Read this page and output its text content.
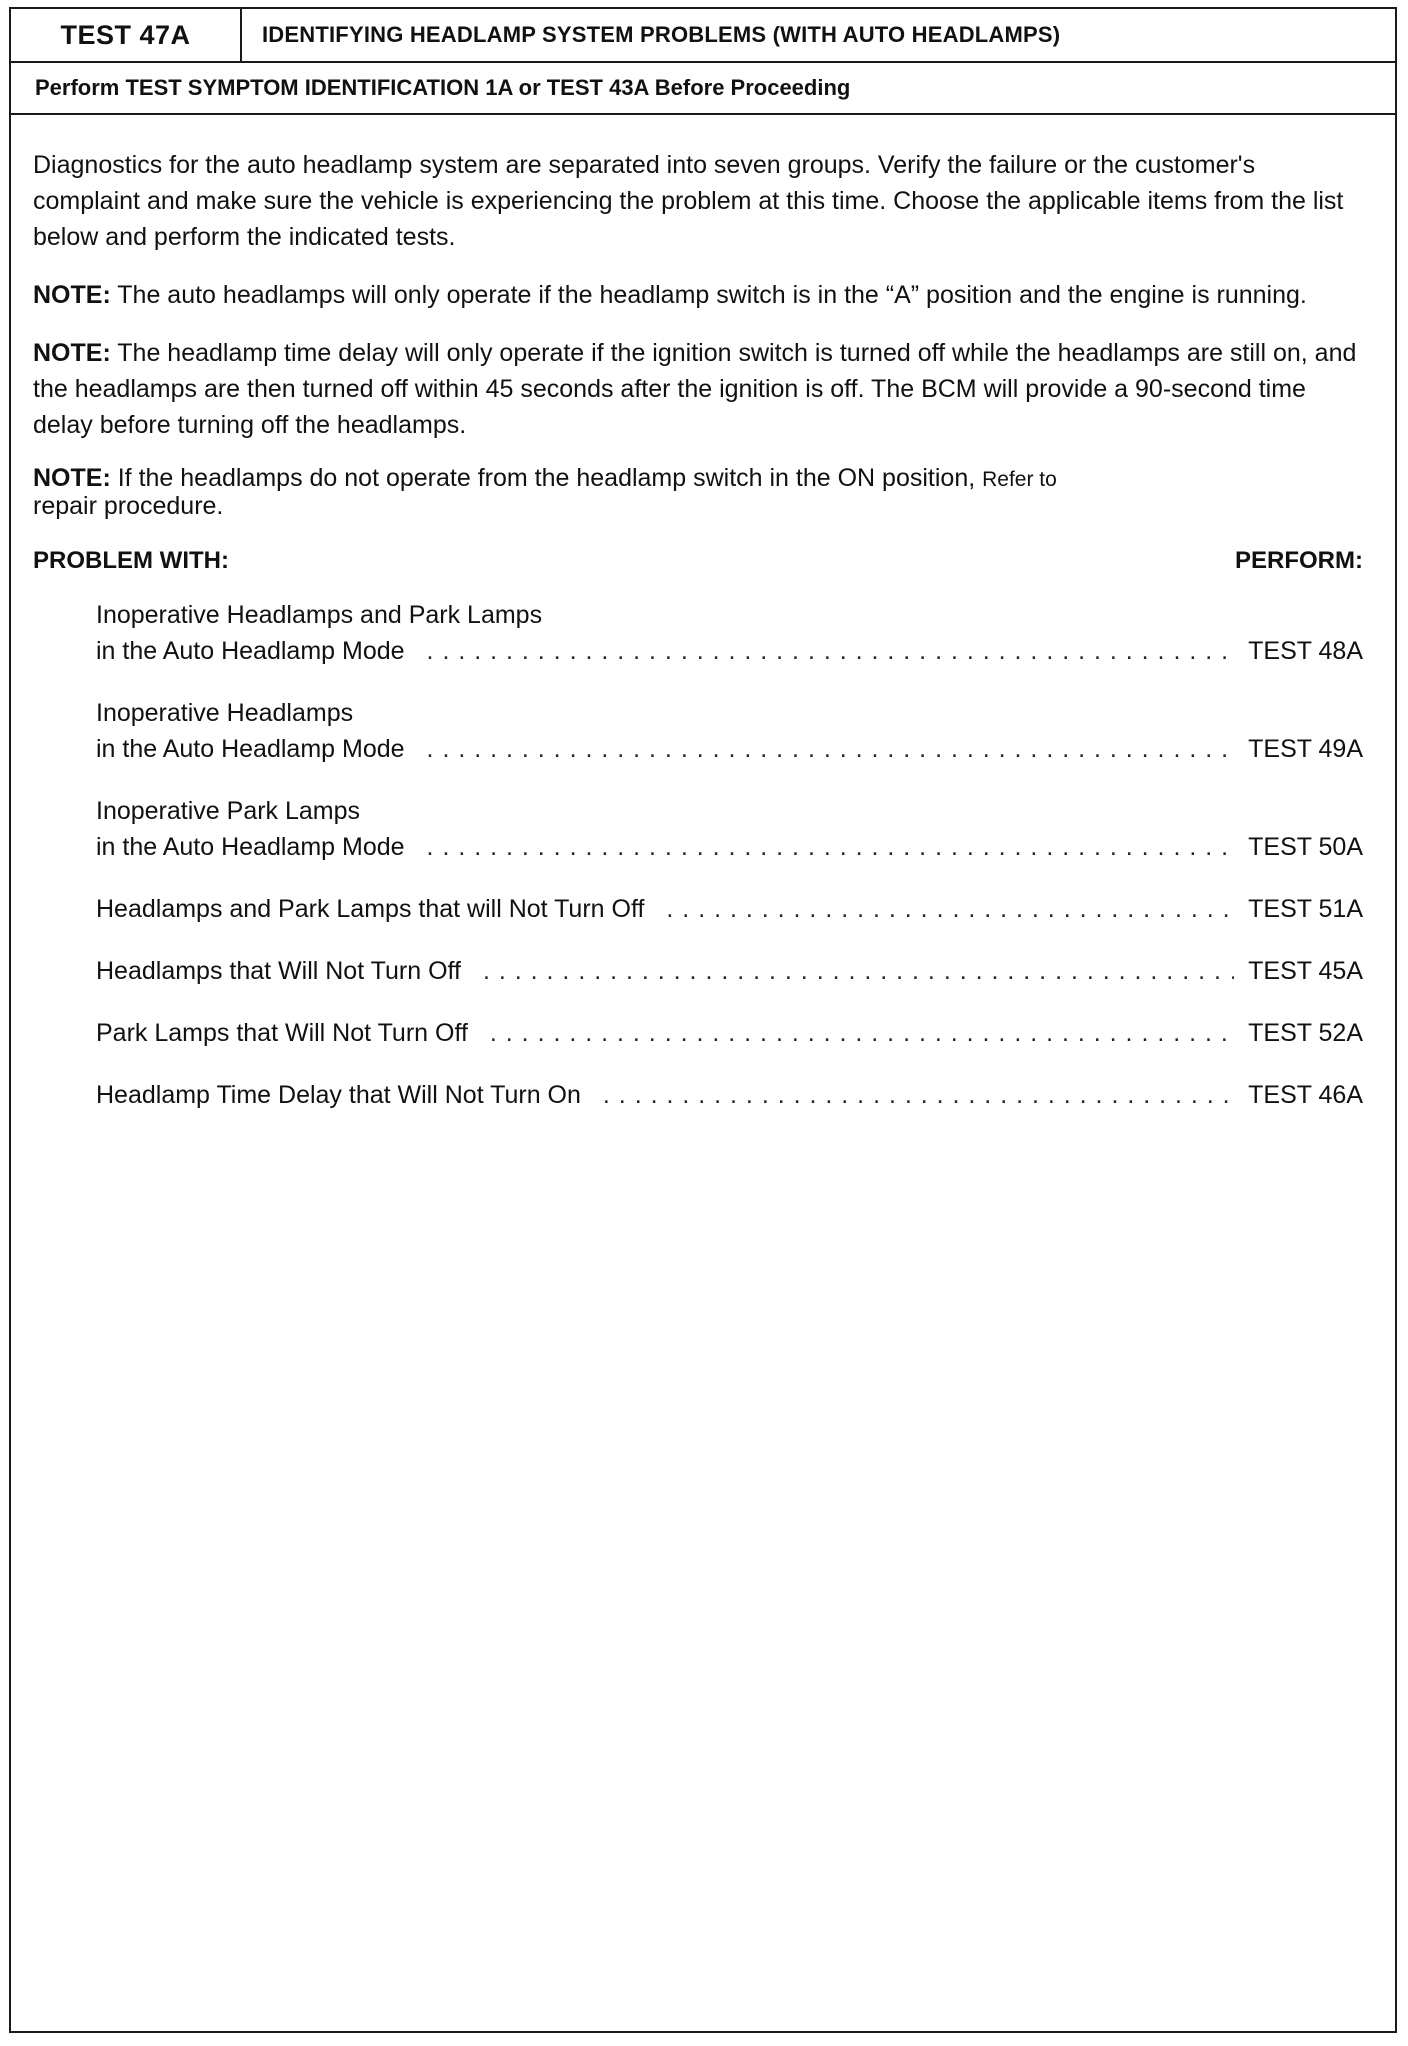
TEST 47A	IDENTIFYING HEADLAMP SYSTEM PROBLEMS (WITH AUTO HEADLAMPS)
Perform TEST SYMPTOM IDENTIFICATION 1A or TEST 43A Before Proceeding

Diagnostics for the auto headlamp system are separated into seven groups. Verify the failure or the customer's complaint and make sure the vehicle is experiencing the problem at this time. Choose the applicable items from the list below and perform the indicated tests.

NOTE: The auto headlamps will only operate if the headlamp switch is in the “A” position and the engine is running.

NOTE: The headlamp time delay will only operate if the ignition switch is turned off while the headlamps are still on, and the headlamps are then turned off within 45 seconds after the ignition is off. The BCM will provide a 90-second time delay before turning off the headlamps.

NOTE: If the headlamps do not operate from the headlamp switch in the ON position, Refer to
repair procedure.

PROBLEM WITH:	PERFORM:
Inoperative Headlamps and Park Lamps
in the Auto Headlamp Mode . . .	TEST 48A
Inoperative Headlamps
in the Auto Headlamp Mode . . .	TEST 49A
Inoperative Park Lamps
in the Auto Headlamp Mode . . .	TEST 50A
Headlamps and Park Lamps that will Not Turn Off . . .	TEST 51A
Headlamps that Will Not Turn Off . . .	TEST 45A
Park Lamps that Will Not Turn Off . . .	TEST 52A
Headlamp Time Delay that Will Not Turn On . . .	TEST 46A
